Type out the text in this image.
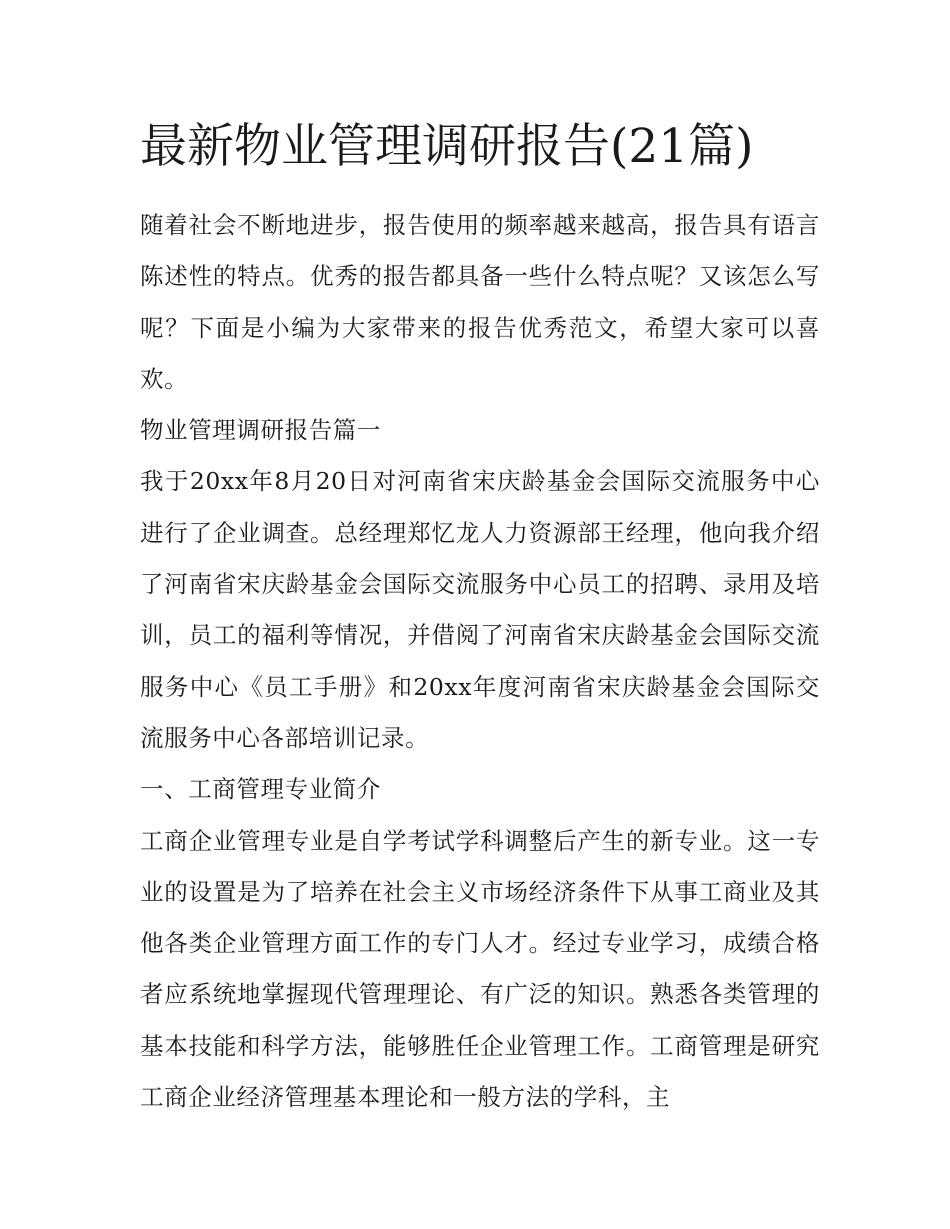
最新物业管理调研报告(21篇)

随着社会不断地进步，报告使用的频率越来越高，报告具有语言陈述性的特点。优秀的报告都具备一些什么特点呢？又该怎么写呢？下面是小编为大家带来的报告优秀范文，希望大家可以喜欢。

物业管理调研报告篇一

我于20xx年8月20日对河南省宋庆龄基金会国际交流服务中心进行了企业调查。总经理郑忆龙人力资源部王经理，他向我介绍了河南省宋庆龄基金会国际交流服务中心员工的招聘、录用及培训，员工的福利等情况，并借阅了河南省宋庆龄基金会国际交流服务中心《员工手册》和20xx年度河南省宋庆龄基金会国际交流服务中心各部培训记录。

一、工商管理专业简介

工商企业管理专业是自学考试学科调整后产生的新专业。这一专业的设置是为了培养在社会主义市场经济条件下从事工商业及其他各类企业管理方面工作的专门人才。经过专业学习，成绩合格者应系统地掌握现代管理理论、有广泛的知识。熟悉各类管理的基本技能和科学方法，能够胜任企业管理工作。工商管理是研究工商企业经济管理基本理论和一般方法的学科，主
